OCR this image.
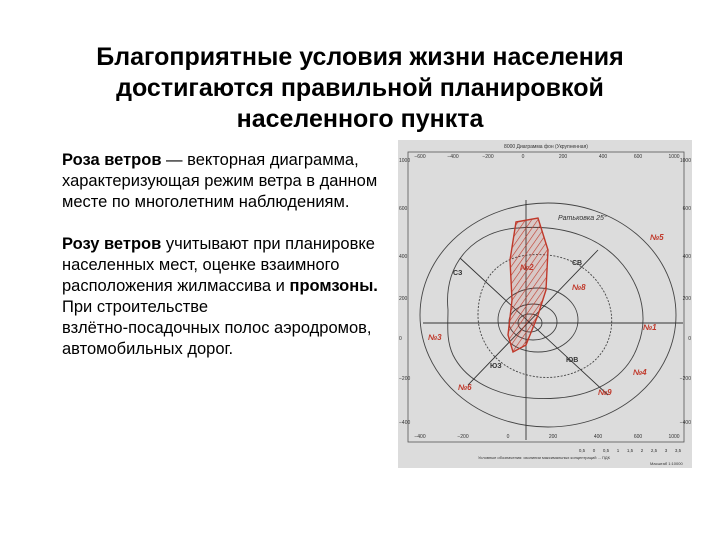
Благоприятные условия жизни населения
достигаются правильной планировкой
населенного пункта

Роза ветров — векторная диаграмма, характеризующая режим ветра в данном месте по многолетним наблюдениям.

Розу ветров учитывают при планировке населенных мест, оценке взаимного расположения жилмассива и промзоны.

При строительстве

взлётно-посадочных полос аэродромов, автомобильных дорог.

8000 Диаграмма фон (Укрупненная)
−600	−400	−200	0	200	400	600	1000
−400	−200	0	200	400	600	1000
1000
600
400
200
0
−200
−400
1000
600
400
200
0
−200
−400
Ратьковка 25°
СЗ
СВ
ЮВ
ЮЗ
№5
№8
№2
№1
№4
№3
№6
№9
0,5 0 0,5 1 1,5 2 2,5 3 3,5
Условные обозначения: изолинии максимальных концентраций ... ПДК
Масштаб 1:10000
